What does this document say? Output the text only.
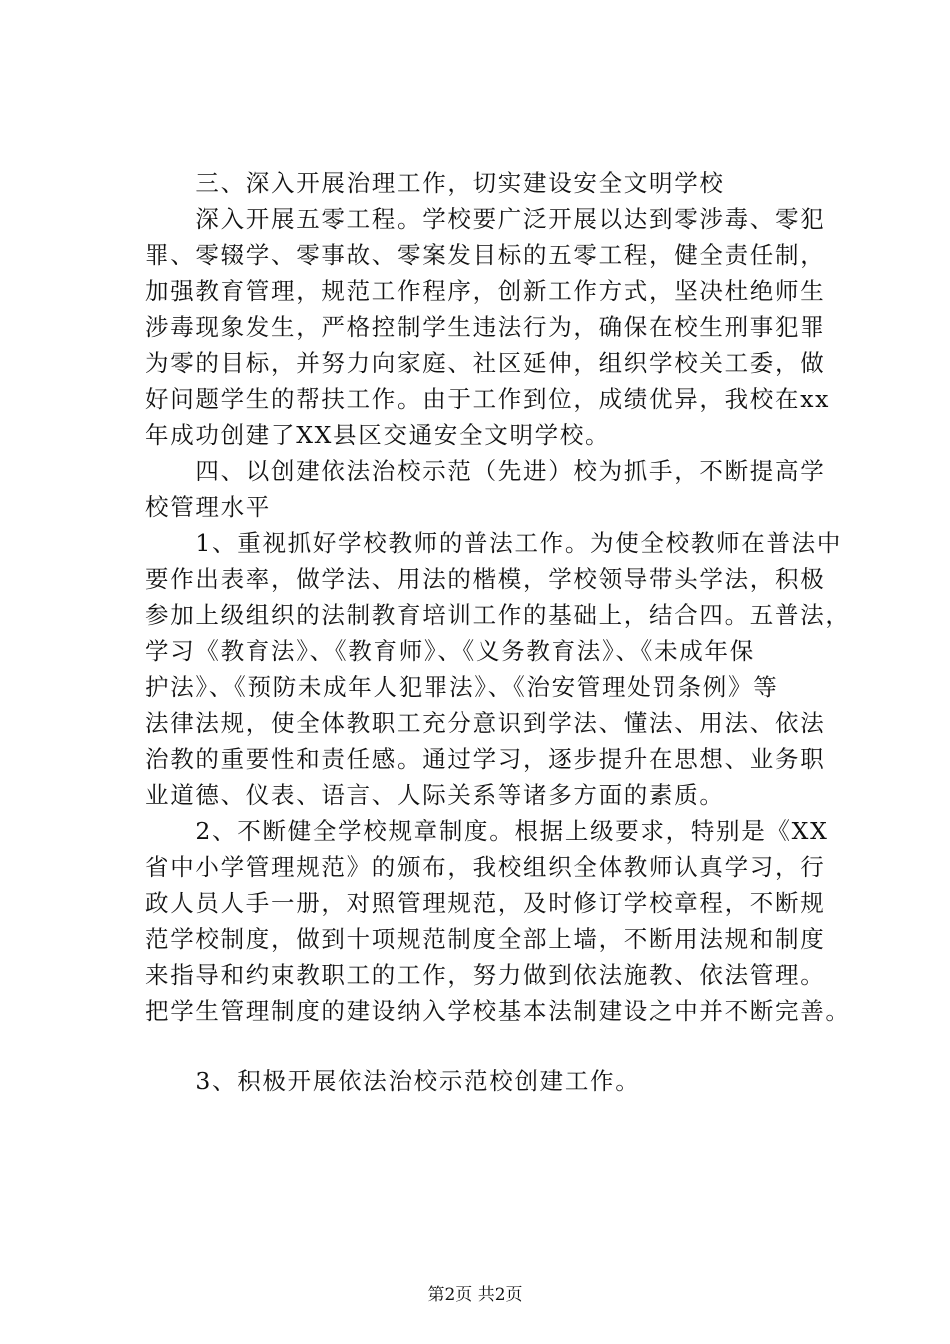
　　三、深入开展治理工作，切实建设安全文明学校
　　深入开展五零工程。学校要广泛开展以达到零涉毒、零犯
罪、零辍学、零事故、零案发目标的五零工程，健全责任制，
加强教育管理，规范工作程序，创新工作方式，坚决杜绝师生
涉毒现象发生，严格控制学生违法行为，确保在校生刑事犯罪
为零的目标，并努力向家庭、社区延伸，组织学校关工委，做
好问题学生的帮扶工作。由于工作到位，成绩优异，我校在xx
年成功创建了XX县区交通安全文明学校。
　　四、以创建依法治校示范（先进）校为抓手，不断提高学
校管理水平
　　1、重视抓好学校教师的普法工作。为使全校教师在普法中
要作出表率，做学法、用法的楷模，学校领导带头学法，积极
参加上级组织的法制教育培训工作的基础上，结合四。五普法，
学习《教育法》、《教育师》、《义务教育法》、《未成年保
护法》、《预防未成年人犯罪法》、《治安管理处罚条例》等
法律法规，使全体教职工充分意识到学法、懂法、用法、依法
治教的重要性和责任感。通过学习，逐步提升在思想、业务职
业道德、仪表、语言、人际关系等诸多方面的素质。
　　2、不断健全学校规章制度。根据上级要求，特别是《XX
省中小学管理规范》的颁布，我校组织全体教师认真学习，行
政人员人手一册，对照管理规范，及时修订学校章程，不断规
范学校制度，做到十项规范制度全部上墙，不断用法规和制度
来指导和约束教职工的工作，努力做到依法施教、依法管理。
把学生管理制度的建设纳入学校基本法制建设之中并不断完善。
　　3、积极开展依法治校示范校创建工作。
第2页 共2页
